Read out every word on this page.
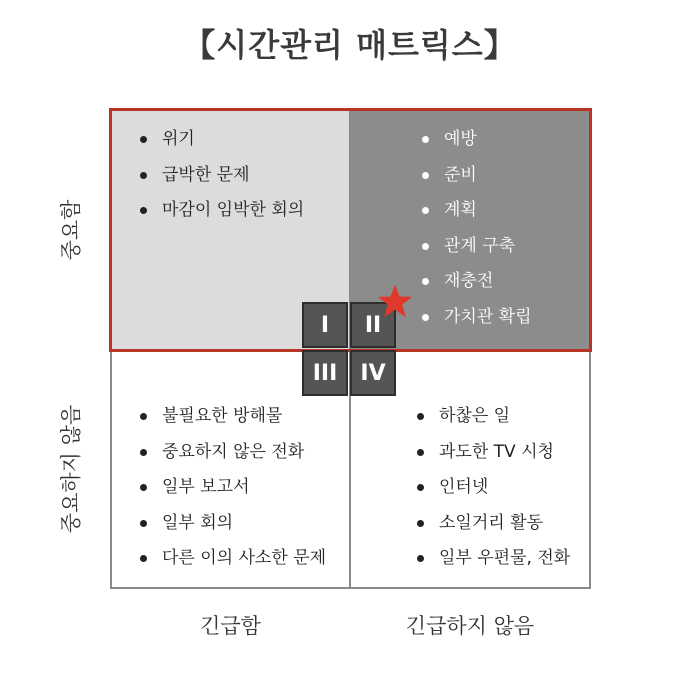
【시간관리 매트릭스】
위기
급박한 문제
마감이 임박한 회의
예방
준비
계획
관계 구축
재충전
가치관 확립
불필요한 방해물
중요하지 않은 전화
일부 보고서
일부 회의
다른 이의 사소한 문제
하찮은 일
과도한 TV 시청
인터넷
소일거리 활동
일부 우편물, 전화
I	II
III	IV
긴급함	긴급하지 않음
중요함
중요하지 않음
